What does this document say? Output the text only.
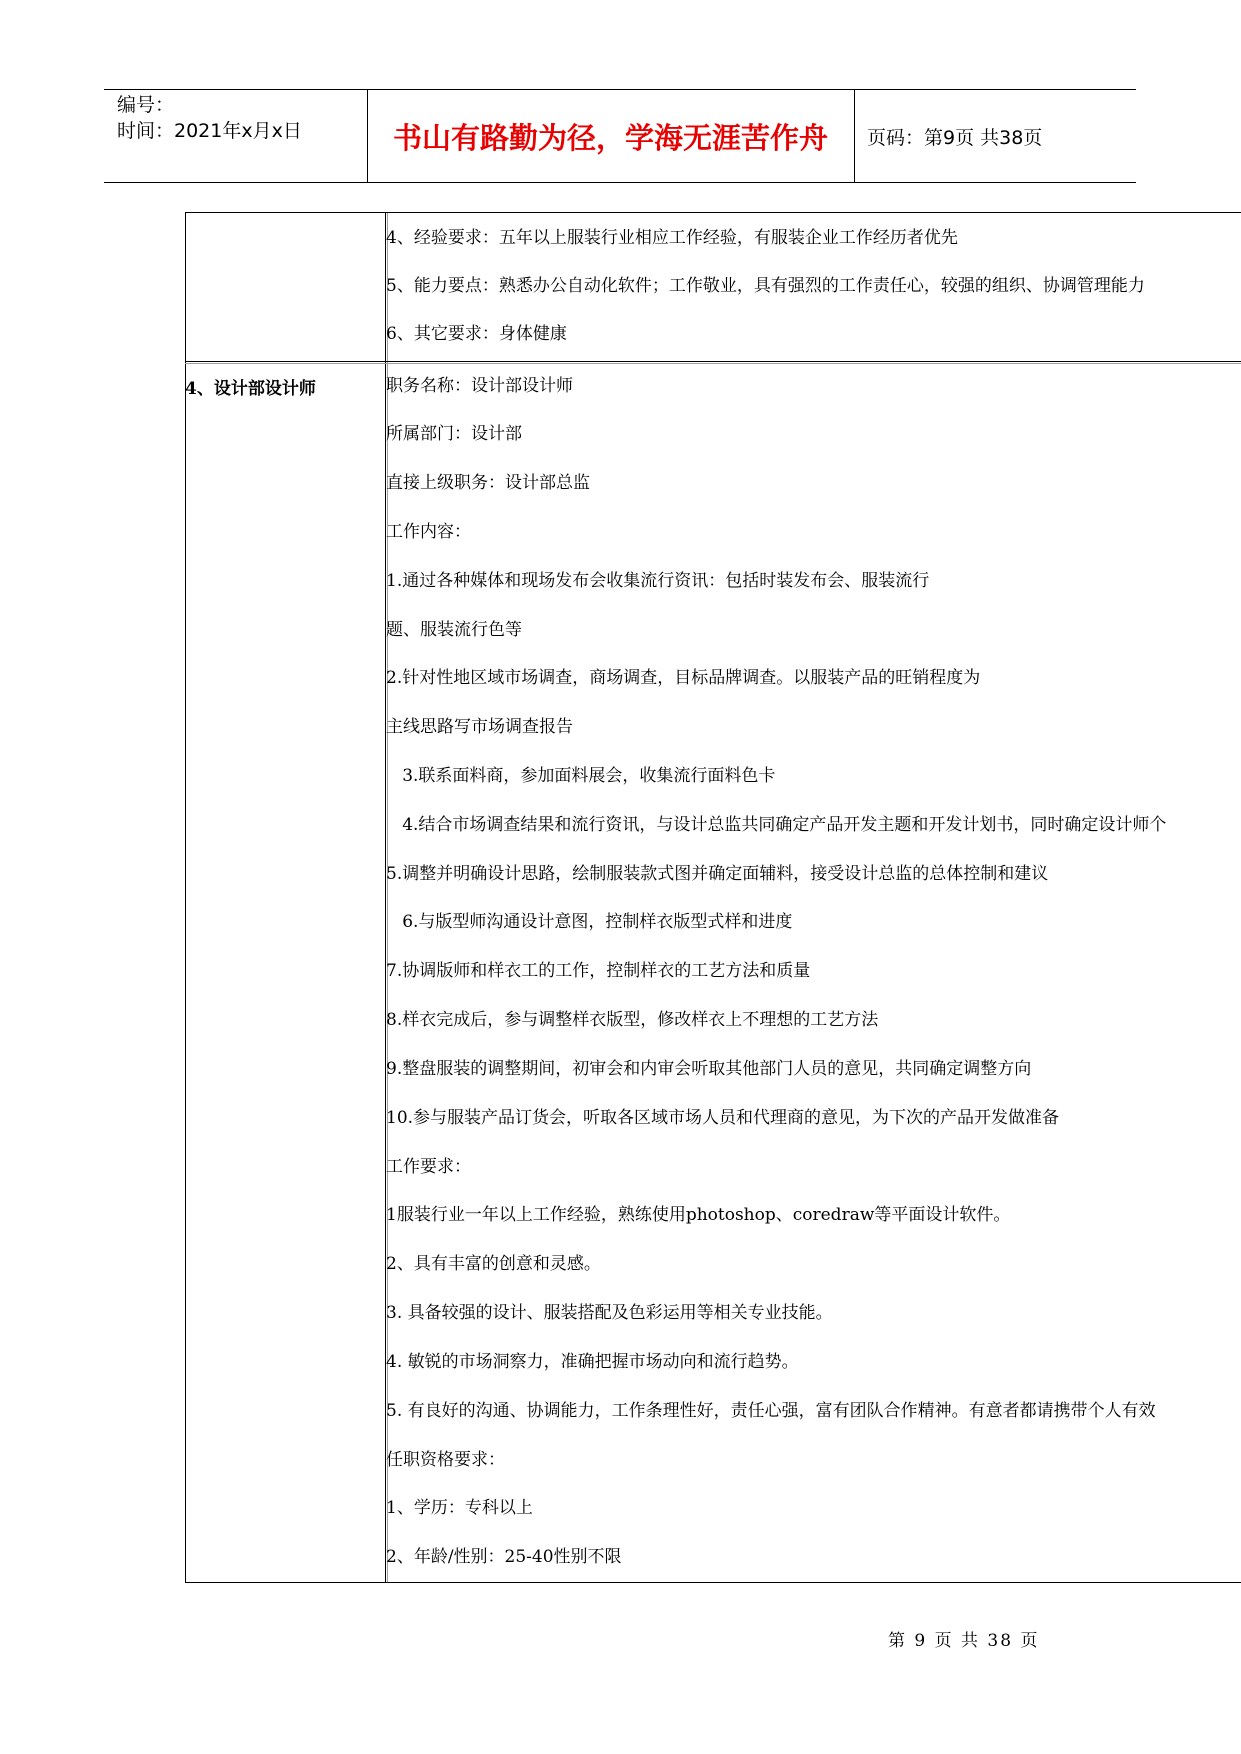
编号：
时间：2021年x月x日	书山有路勤为径，学海无涯苦作舟	页码：第9页 共38页
4、经验要求：五年以上服装行业相应工作经验，有服装企业工作经历者优先
5、能力要点：熟悉办公自动化软件；工作敬业，具有强烈的工作责任心，较强的组织、协调管理能力
6、其它要求：身体健康
4、设计部设计师	职务名称：设计部设计师
所属部门：设计部
直接上级职务：设计部总监
工作内容：
1.通过各种媒体和现场发布会收集流行资讯：包括时装发布会、服装流行
题、服装流行色等
2.针对性地区域市场调查，商场调查，目标品牌调查。以服装产品的旺销程度为
主线思路写市场调查报告
3.联系面料商，参加面料展会，收集流行面料色卡
4.结合市场调查结果和流行资讯，与设计总监共同确定产品开发主题和开发计划书，同时确定设计师个
5.调整并明确设计思路，绘制服装款式图并确定面辅料，接受设计总监的总体控制和建议
6.与版型师沟通设计意图，控制样衣版型式样和进度
7.协调版师和样衣工的工作，控制样衣的工艺方法和质量
8.样衣完成后，参与调整样衣版型，修改样衣上不理想的工艺方法
9.整盘服装的调整期间，初审会和内审会听取其他部门人员的意见，共同确定调整方向
10.参与服装产品订货会，听取各区域市场人员和代理商的意见，为下次的产品开发做准备
工作要求：
1服装行业一年以上工作经验，熟练使用photoshop、coredraw等平面设计软件。
2、具有丰富的创意和灵感。
3. 具备较强的设计、服装搭配及色彩运用等相关专业技能。
4. 敏锐的市场洞察力，准确把握市场动向和流行趋势。
5. 有良好的沟通、协调能力，工作条理性好，责任心强，富有团队合作精神。有意者都请携带个人有效
任职资格要求：
1、学历：专科以上
2、年龄/性别：25-40性别不限
第 9 页 共 38 页
